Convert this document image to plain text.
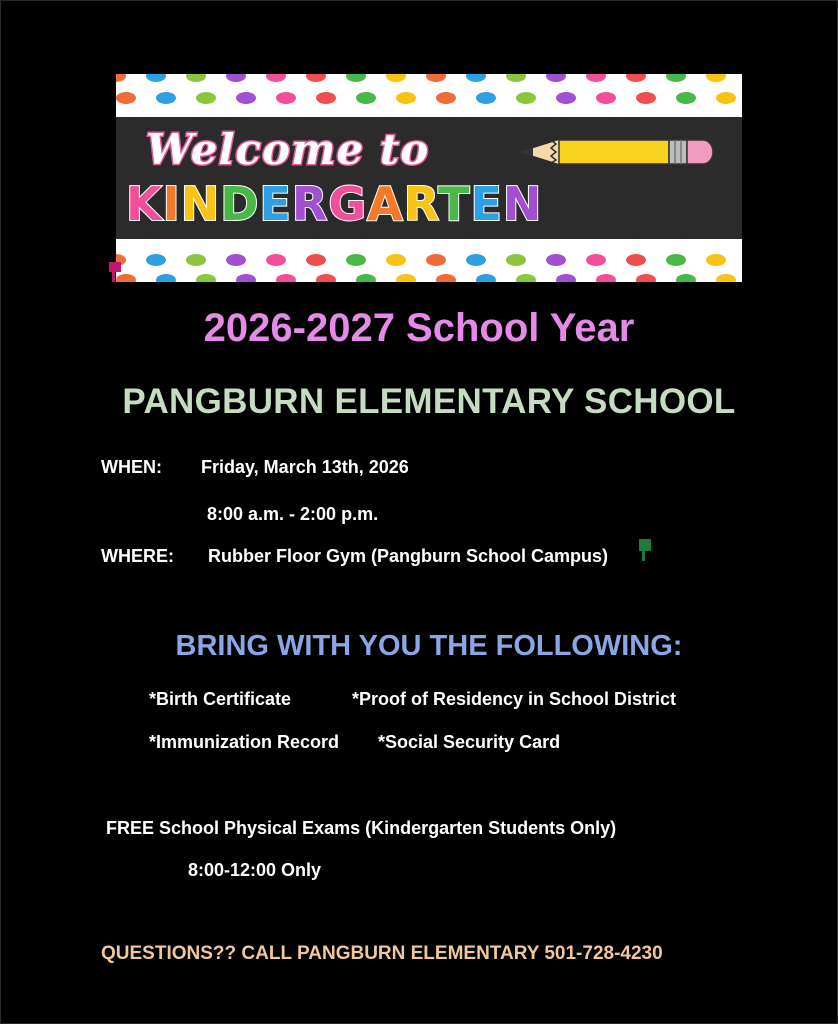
Welcome to
KINDERGARTEN
2026-2027 School Year
PANGBURN ELEMENTARY SCHOOL
WHEN: Friday, March 13th, 2026
8:00 a.m. - 2:00 p.m.
WHERE: Rubber Floor Gym (Pangburn School Campus)
BRING WITH YOU THE FOLLOWING:
*Birth Certificate	*Proof of Residency in School District
*Immunization Record *Social Security Card
FREE School Physical Exams (Kindergarten Students Only)
8:00-12:00 Only
QUESTIONS?? CALL PANGBURN ELEMENTARY 501-728-4230
